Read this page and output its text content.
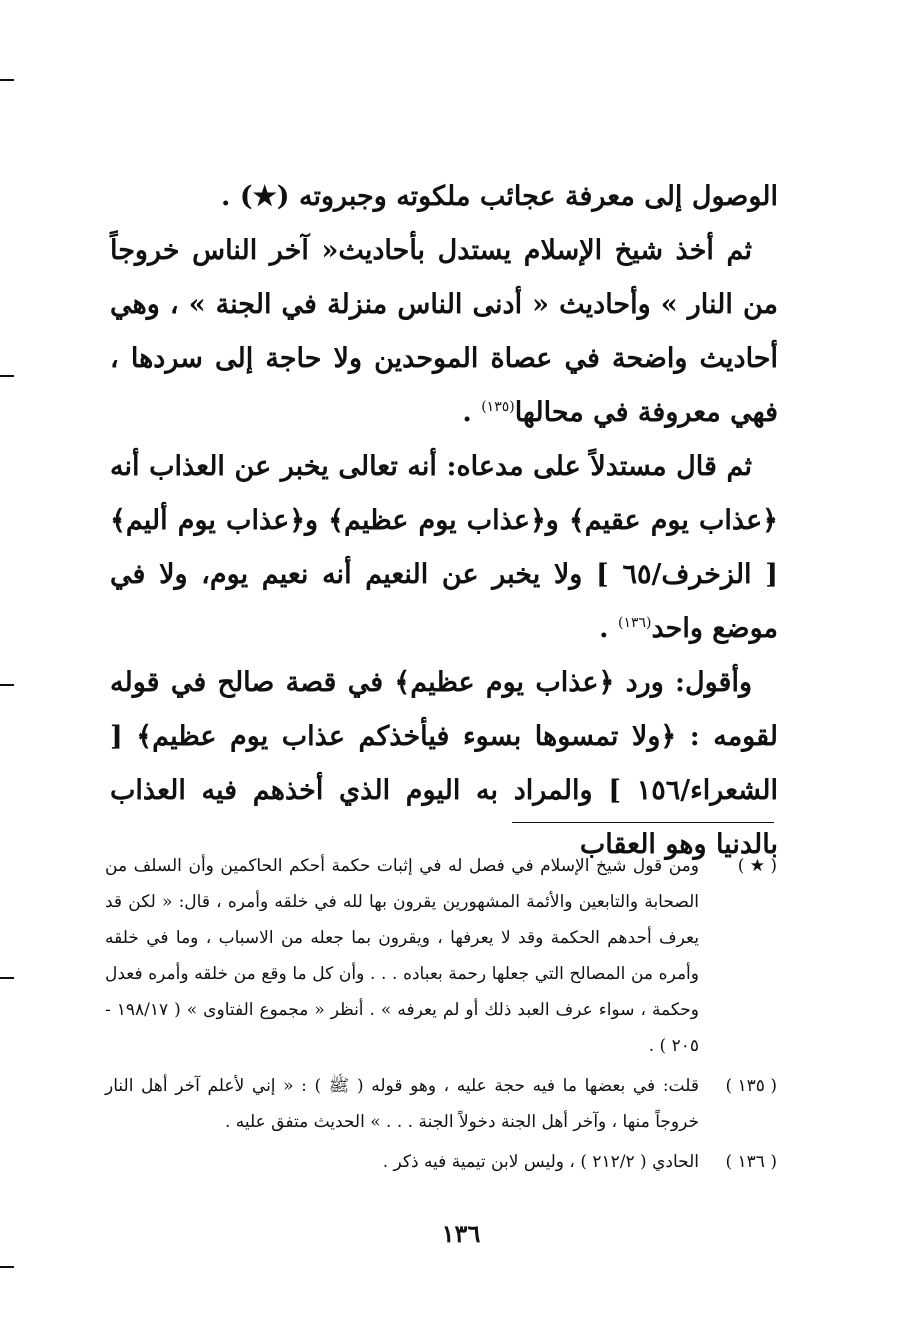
الوصول إلى معرفة عجائب ملكوته وجبروته (★) .

ثم أخذ شيخ الإسلام يستدل بأحاديث« آخر الناس خروجاً من النار » وأحاديث « أدنى الناس منزلة في الجنة » ، وهي أحاديث واضحة في عصاة الموحدين ولا حاجة إلى سردها ، فهي معروفة في محالها$^{(١٣٥)}$ .

ثم قال مستدلاً على مدعاه: أنه تعالى يخبر عن العذاب أنه ﴿عذاب يوم عقيم﴾ و﴿عذاب يوم عظيم﴾ و﴿عذاب يوم أليم﴾ [ الزخرف/٦٥ ] ولا يخبر عن النعيم أنه نعيم يوم، ولا في موضع واحد$^{(١٣٦)}$ .

وأقول: ورد ﴿عذاب يوم عظيم﴾ في قصة صالح في قوله لقومه : ﴿ولا تمسوها بسوء فيأخذكم عذاب يوم عظيم﴾ [ الشعراء/١٥٦ ] والمراد به اليوم الذي أخذهم فيه العذاب بالدنيا وهو العقاب

( ★ )
ومن قول شيخ الإسلام في فصل له في إثبات حكمة أحكم الحاكمين وأن السلف من الصحابة والتابعين والأئمة المشهورين يقرون بها لله في خلقه وأمره ، قال: « لكن قد يعرف أحدهم الحكمة وقد لا يعرفها ، ويقرون بما جعله من الاسباب ، وما في خلقه وأمره من المصالح التي جعلها رحمة بعباده . . . وأن كل ما وقع من خلقه وأمره فعدل وحكمة ، سواء عرف العبد ذلك أو لم يعرفه » . أنظر « مجموع الفتاوى » ( ١٩٨/١٧ - ٢٠٥ ) .
( ١٣٥ )
قلت: في بعضها ما فيه حجة عليه ، وهو قوله ( ﷺ ) : « إني لأعلم آخر أهل النار خروجاً منها ، وآخر أهل الجنة دخولاً الجنة . . . » الحديث متفق عليه .
( ١٣٦ )
الحادي ( ٢١٢/٢ ) ، وليس لابن تيمية فيه ذكر .
١٣٦
